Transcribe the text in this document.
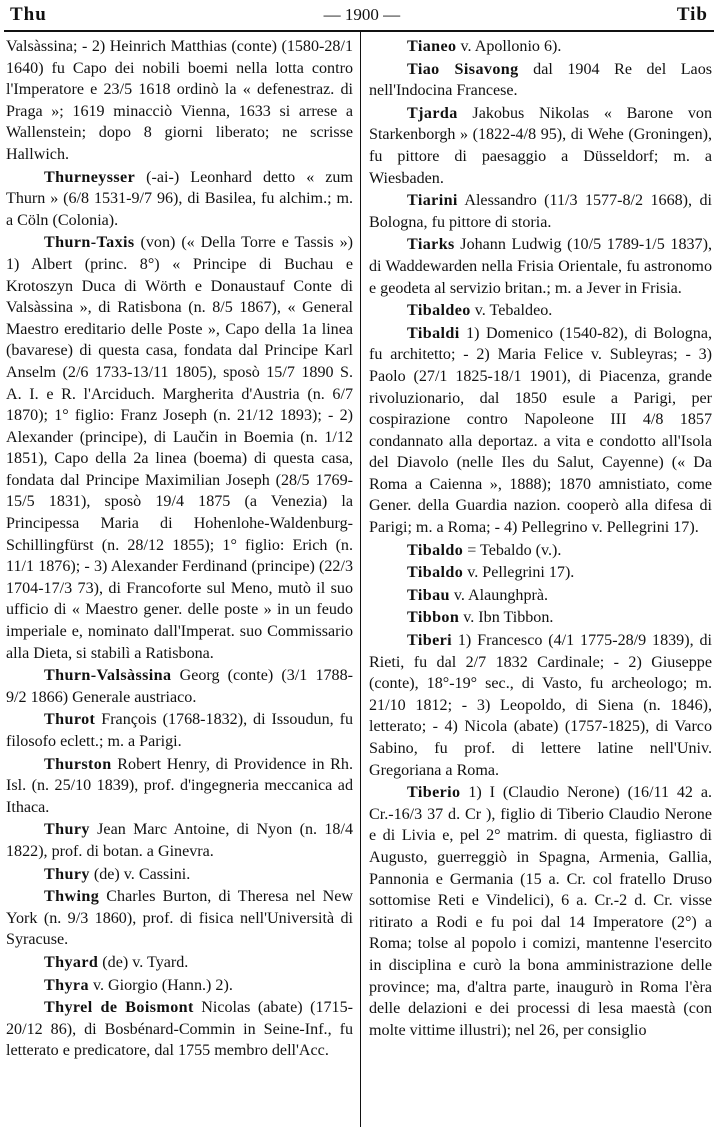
Thu	— 1900 —	Tib

Valsàssina; - 2) Heinrich Matthias (conte) (1580-28/1 1640) fu Capo dei nobili boemi nella lotta contro l'Imperatore e 23/5 1618 ordinò la « defenestraz. di Praga »; 1619 minacciò Vienna, 1633 si arrese a Wallenstein; dopo 8 giorni liberato; ne scrisse Hallwich.

Thurneysser (-ai-) Leonhard detto « zum Thurn » (6/8 1531-9/7 96), di Basilea, fu alchim.; m. a Cöln (Colonia).

Thurn-Taxis (von) (« Della Torre e Tassis ») 1) Albert (princ. 8°) « Principe di Buchau e Krotoszyn Duca di Wörth e Donaustauf Conte di Valsàssina », di Ratisbona (n. 8/5 1867), « General Maestro ereditario delle Poste », Capo della 1a linea (bavarese) di questa casa, fondata dal Principe Karl Anselm (2/6 1733-13/11 1805), sposò 15/7 1890 S. A. I. e R. l'Arciduch. Margherita d'Austria (n. 6/7 1870); 1° figlio: Franz Joseph (n. 21/12 1893); - 2) Alexander (principe), di Laučin in Boemia (n. 1/12 1851), Capo della 2a linea (boema) di questa casa, fondata dal Principe Maximilian Joseph (28/5 1769-15/5 1831), sposò 19/4 1875 (a Venezia) la Principessa Maria di Hohenlohe-Waldenburg-Schillingfürst (n. 28/12 1855); 1° figlio: Erich (n. 11/1 1876); - 3) Alexander Ferdinand (principe) (22/3 1704-17/3 73), di Francoforte sul Meno, mutò il suo ufficio di « Maestro gener. delle poste » in un feudo imperiale e, nominato dall'Imperat. suo Commissario alla Dieta, si stabilì a Ratisbona.

Thurn-Valsàssina Georg (conte) (3/1 1788-9/2 1866) Generale austriaco.

Thurot François (1768-1832), di Issoudun, fu filosofo eclett.; m. a Parigi.

Thurston Robert Henry, di Providence in Rh. Isl. (n. 25/10 1839), prof. d'ingegneria meccanica ad Ithaca.

Thury Jean Marc Antoine, di Nyon (n. 18/4 1822), prof. di botan. a Ginevra.

Thury (de) v. Cassini.

Thwing Charles Burton, di Theresa nel New York (n. 9/3 1860), prof. di fisica nell'Università di Syracuse.

Thyard (de) v. Tyard.

Thyra v. Giorgio (Hann.) 2).

Thyrel de Boismont Nicolas (abate) (1715-20/12 86), di Bosbénard-Commin in Seine-Inf., fu letterato e predicatore, dal 1755 membro dell'Acc.

Tianeo v. Apollonio 6).

Tiao Sisavong dal 1904 Re del Laos nell'Indocina Francese.

Tjarda Jakobus Nikolas « Barone von Starkenborgh » (1822-4/8 95), di Wehe (Groningen), fu pittore di paesaggio a Düsseldorf; m. a Wiesbaden.

Tiarini Alessandro (11/3 1577-8/2 1668), di Bologna, fu pittore di storia.

Tiarks Johann Ludwig (10/5 1789-1/5 1837), di Waddewarden nella Frisia Orientale, fu astronomo e geodeta al servizio britan.; m. a Jever in Frisia.

Tibaldeo v. Tebaldeo.

Tibaldi 1) Domenico (1540-82), di Bologna, fu architetto; - 2) Maria Felice v. Subleyras; - 3) Paolo (27/1 1825-18/1 1901), di Piacenza, grande rivoluzionario, dal 1850 esule a Parigi, per cospirazione contro Napoleone III 4/8 1857 condannato alla deportaz. a vita e condotto all'Isola del Diavolo (nelle Iles du Salut, Cayenne) (« Da Roma a Caienna », 1888); 1870 amnistiato, come Gener. della Guardia nazion. cooperò alla difesa di Parigi; m. a Roma; - 4) Pellegrino v. Pellegrini 17).

Tibaldo = Tebaldo (v.).

Tibaldo v. Pellegrini 17).

Tibau v. Alaunghprà.

Tibbon v. Ibn Tibbon.

Tiberi 1) Francesco (4/1 1775-28/9 1839), di Rieti, fu dal 2/7 1832 Cardinale; - 2) Giuseppe (conte), 18°-19° sec., di Vasto, fu archeologo; m. 21/10 1812; - 3) Leopoldo, di Siena (n. 1846), letterato; - 4) Nicola (abate) (1757-1825), di Varco Sabino, fu prof. di lettere latine nell'Univ. Gregoriana a Roma.

Tiberio 1) I (Claudio Nerone) (16/11 42 a. Cr.-16/3 37 d. Cr ), figlio di Tiberio Claudio Nerone e di Livia e, pel 2° matrim. di questa, figliastro di Augusto, guerreggiò in Spagna, Armenia, Gallia, Pannonia e Germania (15 a. Cr. col fratello Druso sottomise Reti e Vindelici), 6 a. Cr.-2 d. Cr. visse ritirato a Rodi e fu poi dal 14 Imperatore (2°) a Roma; tolse al popolo i comizi, mantenne l'esercito in disciplina e curò la bona amministrazione delle province; ma, d'altra parte, inaugurò in Roma l'èra delle delazioni e dei processi di lesa maestà (con molte vittime illustri); nel 26, per consiglio
